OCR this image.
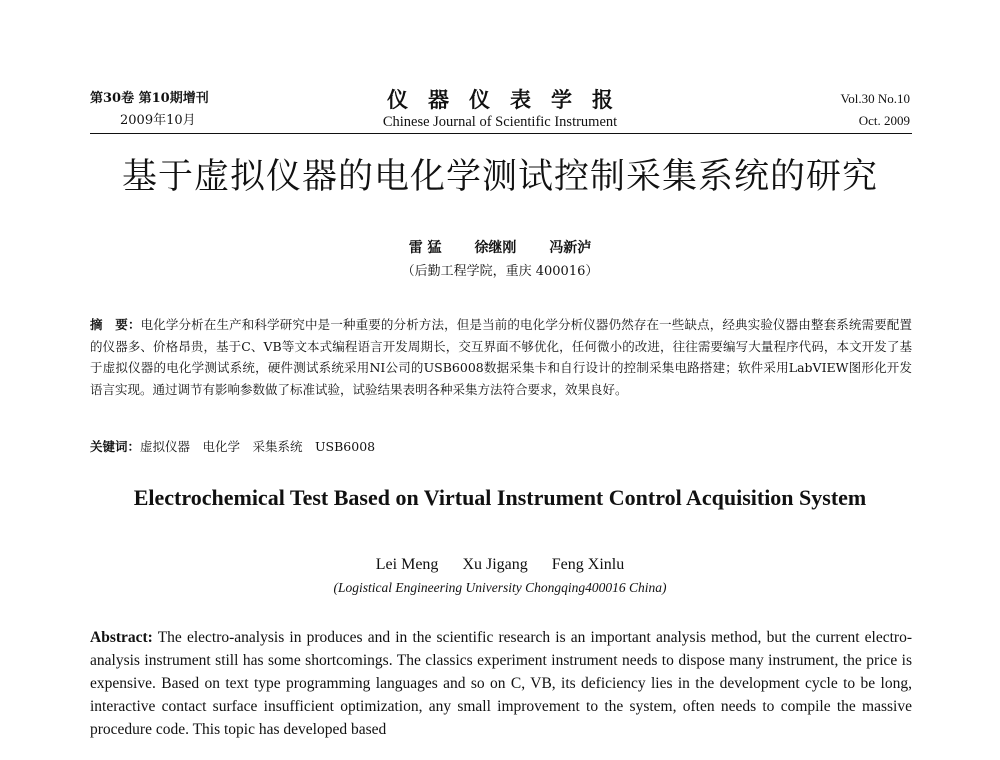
第30卷 第10期增刊
2009年10月
仪器仪表学报
Chinese Journal of Scientific Instrument
Vol.30 No.10
Oct. 2009
基于虚拟仪器的电化学测试控制采集系统的研究
雷 猛 徐继刚 冯新泸
（后勤工程学院，重庆 400016）
摘　要：电化学分析在生产和科学研究中是一种重要的分析方法，但是当前的电化学分析仪器仍然存在一些缺点，经典实验仪器由整套系统需要配置的仪器多、价格昂贵，基于C、VB等文本式编程语言开发周期长，交互界面不够优化，任何微小的改进，往往需要编写大量程序代码，本文开发了基于虚拟仪器的电化学测试系统，硬件测试系统采用NI公司的USB6008数据采集卡和自行设计的控制采集电路搭建；软件采用LabVIEW图形化开发语言实现。通过调节有影响参数做了标准试验，试验结果表明各种采集方法符合要求，效果良好。
关键词：虚拟仪器　电化学　采集系统　USB6008
Electrochemical Test Based on Virtual Instrument Control Acquisition System
Lei Meng Xu Jigang Feng Xinlu
(Logistical Engineering University Chongqing400016 China)
Abstract: The electro-analysis in produces and in the scientific research is an important analysis method, but the current electro-analysis instrument still has some shortcomings. The classics experiment instrument needs to dispose many instrument, the price is expensive. Based on text type programming languages and so on C, VB, its deficiency lies in the development cycle to be long, interactive contact surface insufficient optimization, any small improvement to the system, often needs to compile the massive procedure code. This topic has developed based
